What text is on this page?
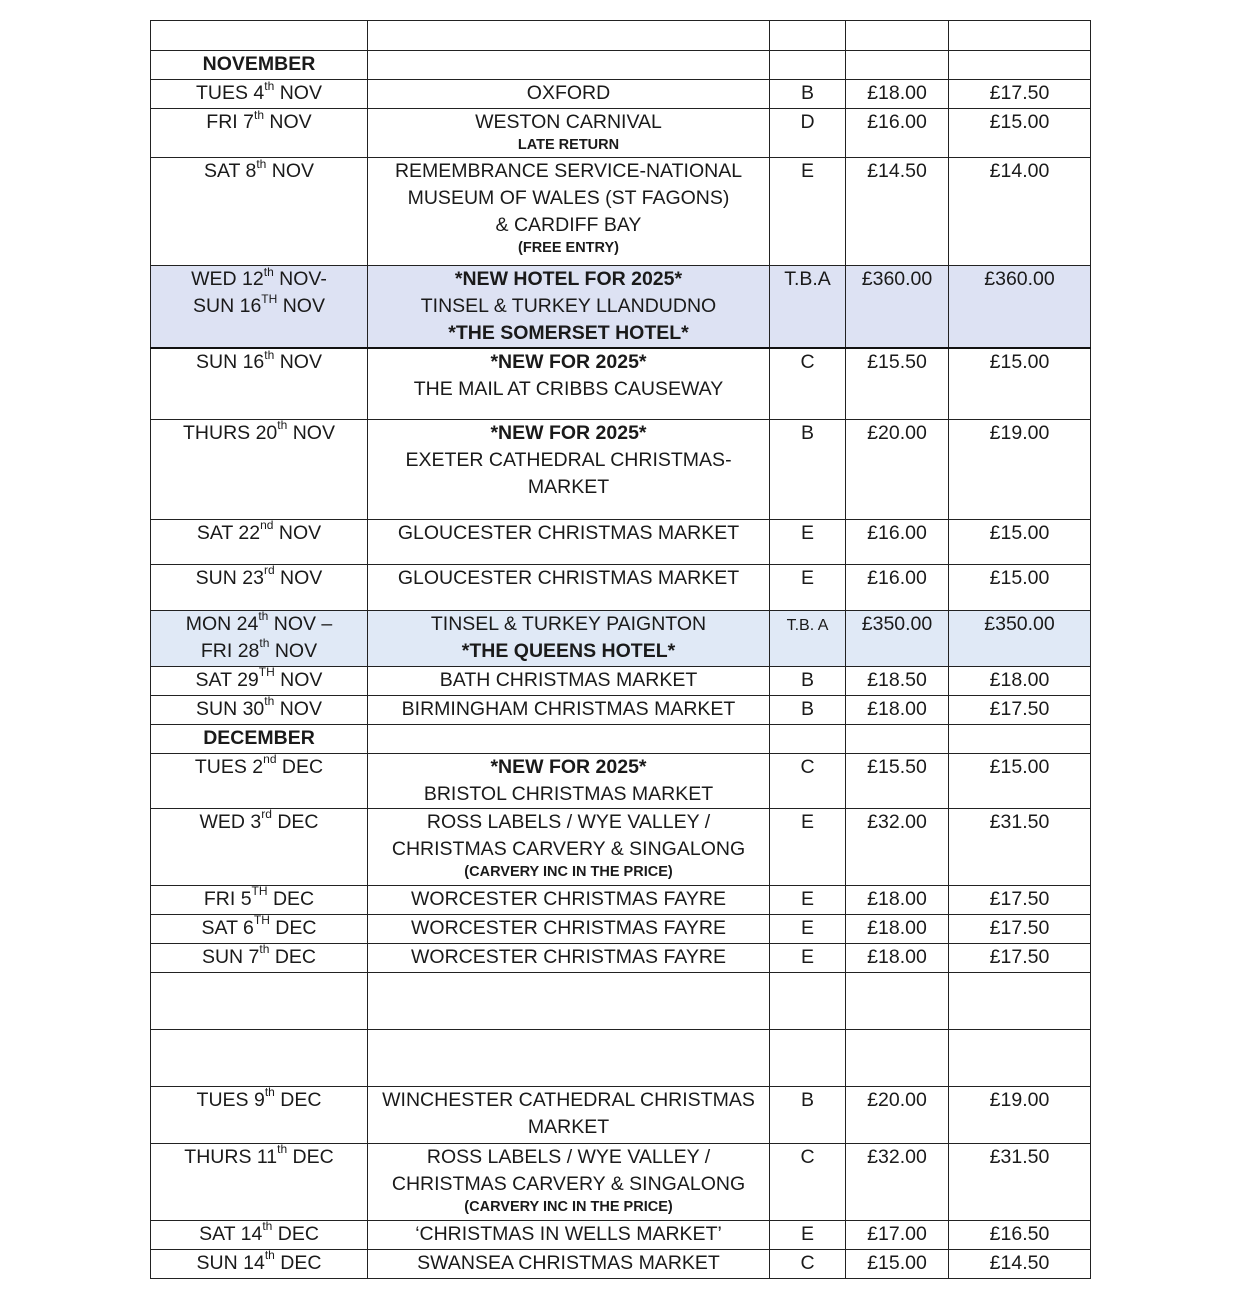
NOVEMBER				

TUES 4th NOV	OXFORD	B	£18.00	£17.50

FRI 7th NOV	WESTON CARNIVAL
LATE RETURN	D	£16.00	£15.00

SAT 8th NOV	REMEMBRANCE SERVICE-NATIONAL
MUSEUM OF WALES (ST FAGONS)
& CARDIFF BAY
(FREE ENTRY)	E	£14.50	£14.00

WED 12th NOV-
SUN 16TH NOV	*NEW HOTEL FOR 2025*
TINSEL & TURKEY LLANDUDNO
*THE SOMERSET HOTEL*	T.B.A	£360.00	£360.00

SUN 16th NOV	*NEW FOR 2025*
THE MAIL AT CRIBBS CAUSEWAY	C	£15.50	£15.00

THURS 20th NOV	*NEW FOR 2025*
EXETER CATHEDRAL CHRISTMAS-
MARKET	B	£20.00	£19.00

SAT 22nd NOV	GLOUCESTER CHRISTMAS MARKET	E	£16.00	£15.00

SUN 23rd NOV	GLOUCESTER CHRISTMAS MARKET	E	£16.00	£15.00

MON 24th NOV –
FRI 28th NOV	TINSEL & TURKEY PAIGNTON
*THE QUEENS HOTEL*	T.B. A	£350.00	£350.00

SAT 29TH NOV	BATH CHRISTMAS MARKET	B	£18.50	£18.00

SUN 30th NOV	BIRMINGHAM CHRISTMAS MARKET	B	£18.00	£17.50
DECEMBER				

TUES 2nd DEC	*NEW FOR 2025*
BRISTOL CHRISTMAS MARKET	C	£15.50	£15.00

WED 3rd DEC	ROSS LABELS / WYE VALLEY /
CHRISTMAS CARVERY & SINGALONG
(CARVERY INC IN THE PRICE)	E	£32.00	£31.50

FRI 5TH DEC	WORCESTER CHRISTMAS FAYRE	E	£18.00	£17.50

SAT 6TH DEC	WORCESTER CHRISTMAS FAYRE	E	£18.00	£17.50

SUN 7th DEC	WORCESTER CHRISTMAS FAYRE	E	£18.00	£17.50

TUES 9th DEC	WINCHESTER CATHEDRAL CHRISTMAS
MARKET	B	£20.00	£19.00

THURS 11th DEC	ROSS LABELS / WYE VALLEY /
CHRISTMAS CARVERY & SINGALONG
(CARVERY INC IN THE PRICE)	C	£32.00	£31.50

SAT 14th DEC	‘CHRISTMAS IN WELLS MARKET’	E	£17.00	£16.50

SUN 14th DEC	SWANSEA CHRISTMAS MARKET	C	£15.00	£14.50
